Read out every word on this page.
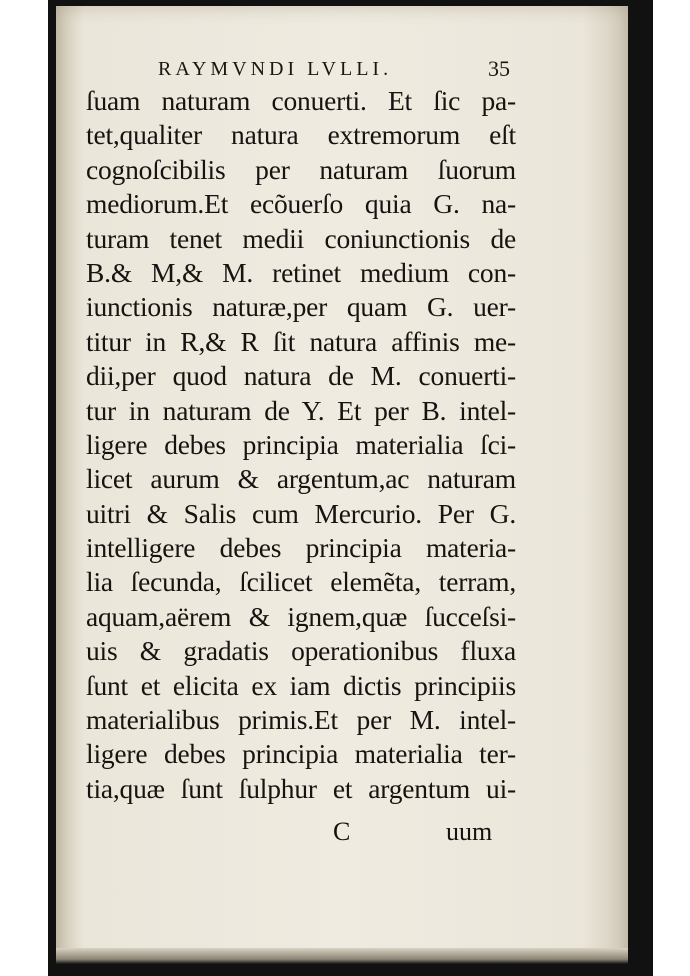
RAYMVNDI LVLLI.	35
ſuam naturam conuerti. Et ſic pa-
tet,qualiter natura extremorum eſt
cognoſcibilis per naturam ſuorum
mediorum.Et ecõuerſo quia G. na-
turam tenet medii coniunctionis de
B.& M,& M. retinet medium con-
iunctionis naturæ,per quam G. uer-
titur in R,& R ſit natura affinis me-
dii,per quod natura de M. conuerti-
tur in naturam de Y. Et per B. intel-
ligere debes principia materialia ſci-
licet aurum & argentum,ac naturam
uitri & Salis cum Mercurio. Per G.
intelligere debes principia materia-
lia ſecunda, ſcilicet elemẽta, terram,
aquam,aërem & ignem,quæ ſucceſsi-
uis & gradatis operationibus fluxa
ſunt et elicita ex iam dictis principiis
materialibus primis.Et per M. intel-
ligere debes principia materialia ter-
tia,quæ ſunt ſulphur et argentum ui-
C	uum
